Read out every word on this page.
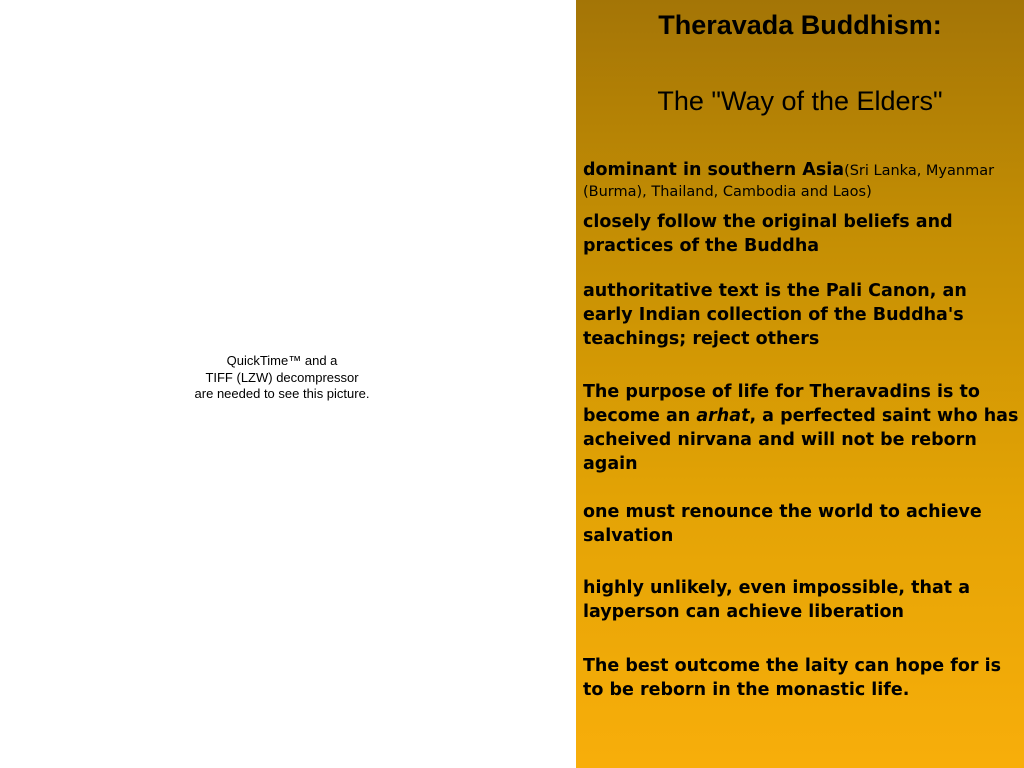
QuickTime™ and a
TIFF (LZW) decompressor
are needed to see this picture.
Theravada Buddhism:
The "Way of the Elders"
dominant in southern Asia(Sri Lanka, Myanmar (Burma), Thailand, Cambodia and Laos)
closely follow the original beliefs and practices of the Buddha
authoritative text is the Pali Canon, an early Indian collection of the Buddha's teachings; reject others
The purpose of life for Theravadins is to become an arhat, a perfected saint who has acheived nirvana and will not be reborn again
one must renounce the world to achieve salvation
highly unlikely, even impossible, that a layperson can achieve liberation
The best outcome the laity can hope for is to be reborn in the monastic life.
